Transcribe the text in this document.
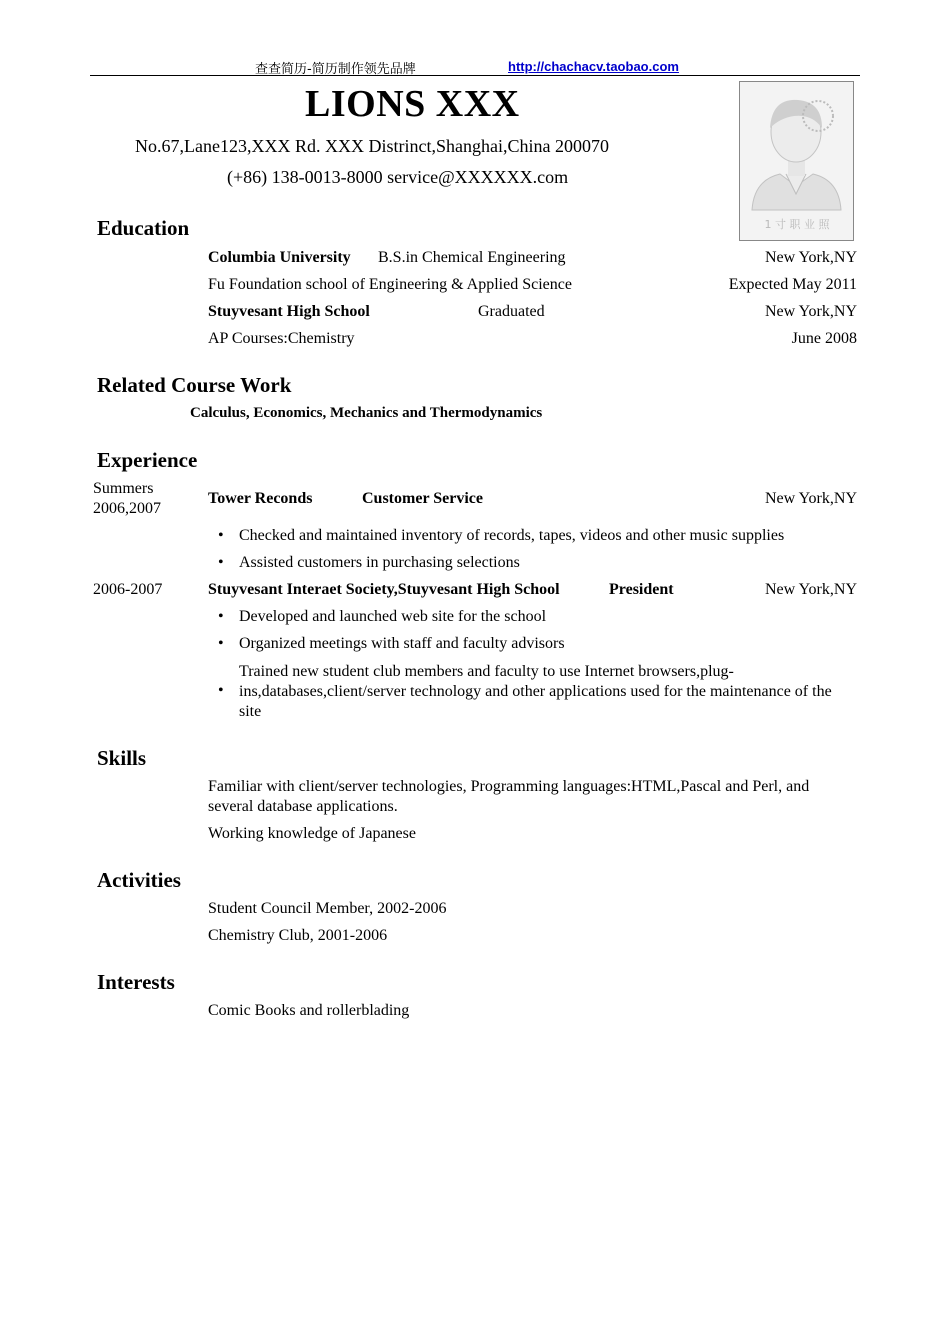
查查简历-简历制作领先品牌	http://chachacv.taobao.com
LIONS XXX
No.67,Lane123,XXX Rd. XXX Distrinct,Shanghai,China 200070
(+86) 138-0013-8000 service@XXXXXX.com
1 寸 职 业 照
Education
Columbia University B.S.in Chemical Engineering	New York,NY
Fu Foundation school of Engineering & Applied Science	Expected May 2011
Stuyvesant High School	Graduated	New York,NY
AP Courses:Chemistry	June 2008
Related Course Work
Calculus, Economics, Mechanics and Thermodynamics
Experience
Summers
2006,2007
Tower Reconds	Customer Service	New York,NY
• Checked and maintained inventory of records, tapes, videos and other music supplies
• Assisted customers in purchasing selections
2006-2007	Stuyvesant Interaet Society,Stuyvesant High School	President	New York,NY
• Developed and launched web site for the school
• Organized meetings with staff and faculty advisors
•
Trained new student club members and faculty to use Internet browsers,plug-ins,databases,client/server technology and other applications used for the maintenance of the site
Skills
Familiar with client/server technologies, Programming languages:HTML,Pascal and Perl, and several database applications.
Working knowledge of Japanese
Activities
Student Council Member, 2002-2006
Chemistry Club, 2001-2006
Interests
Comic Books and rollerblading
